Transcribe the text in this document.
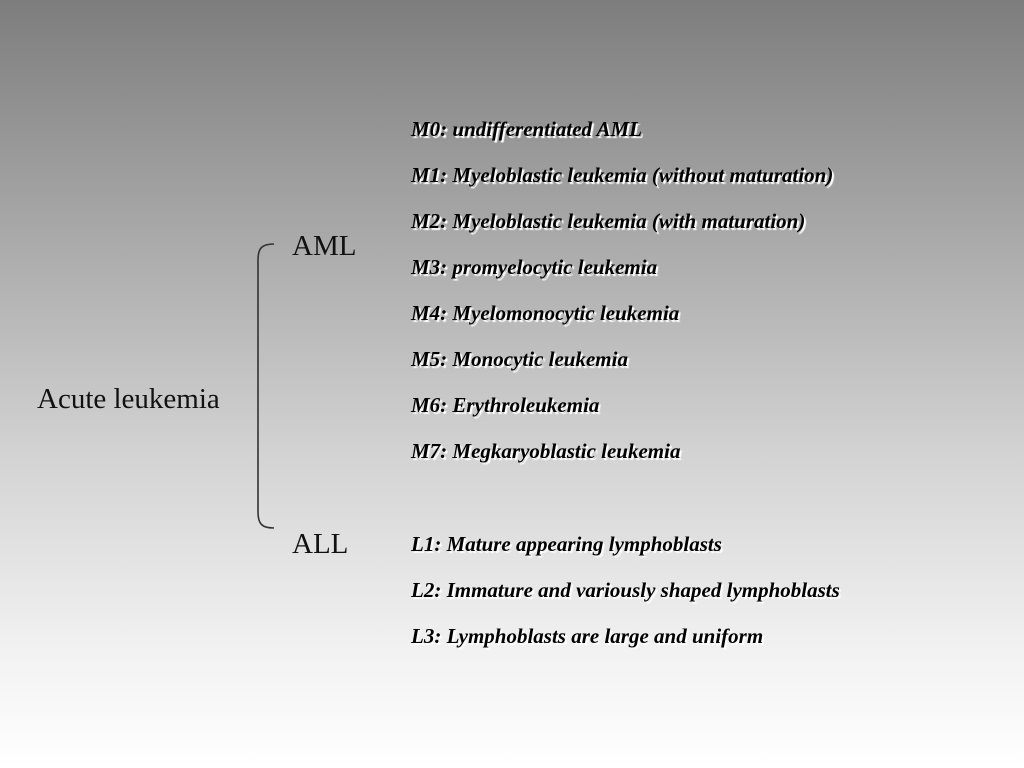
Acute leukemia
AML
ALL
M0: undifferentiated AML
M1: Myeloblastic leukemia (without maturation)
M2: Myeloblastic leukemia (with maturation)
M3: promyelocytic leukemia
M4: Myelomonocytic leukemia
M5: Monocytic leukemia
M6: Erythroleukemia
M7: Megkaryoblastic leukemia
L1: Mature appearing lymphoblasts
L2: Immature and variously shaped lymphoblasts
L3: Lymphoblasts are large and uniform
